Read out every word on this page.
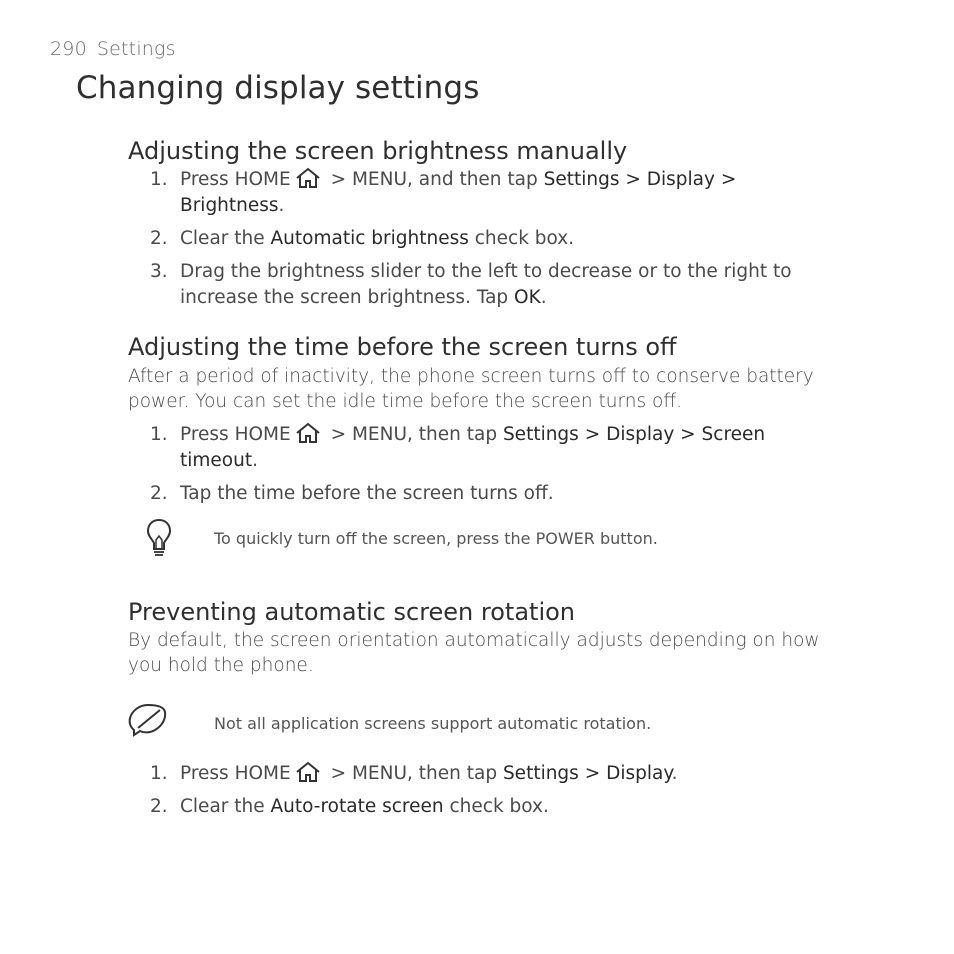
290 Settings
Changing display settings
Adjusting the screen brightness manually
1. Press HOME
> MENU, and then tap Settings > Display > Brightness.
2. Clear the Automatic brightness check box.
3. Drag the brightness slider to the left to decrease or to the right to increase the screen brightness. Tap OK.
Adjusting the time before the screen turns off

After a period of inactivity, the phone screen turns off to conserve battery power. You can set the idle time before the screen turns off.

1. Press HOME
> MENU, then tap Settings > Display > Screen timeout.
2. Tap the time before the screen turns off.
To quickly turn off the screen, press the POWER button.
Preventing automatic screen rotation

By default, the screen orientation automatically adjusts depending on how you hold the phone.

Not all application screens support automatic rotation.
1. Press HOME
> MENU, then tap Settings > Display.
2. Clear the Auto-rotate screen check box.
